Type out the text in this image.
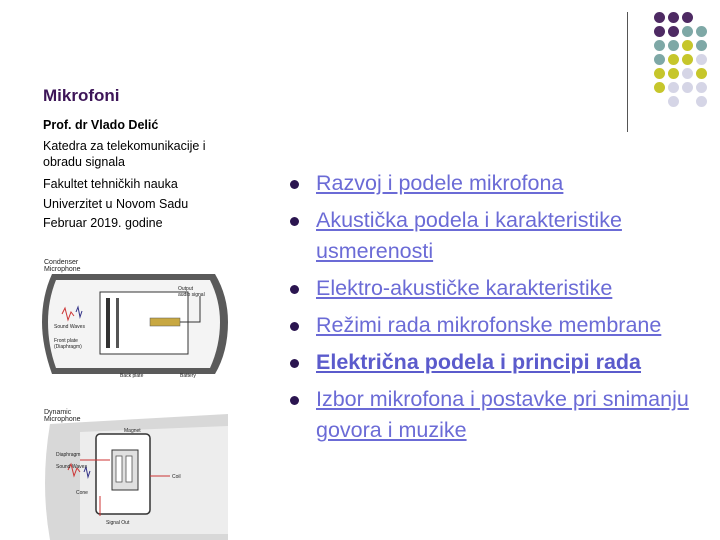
Mikrofoni
Prof. dr Vlado Delić
Katedra za telekomunikacije i obradu signala
Fakultet tehničkih nauka
Univerzitet u Novom Sadu
Februar 2019. godine
Condenser
Microphone
Sound Waves
Front plate
(Diaphragm)
Back plate	Battery
Output
audio signal
Dynamic
Microphone
Magnet
Diaphragm
Sound Waves
Coil
Cone
Signal Out
Razvoj i podele mikrofona
Akustička podela i karakteristike usmerenosti
Elektro-akustičke karakteristike
Režimi rada mikrofonske membrane
Električna podela i principi rada
Izbor mikrofona i postavke pri snimanju govora i muzike
